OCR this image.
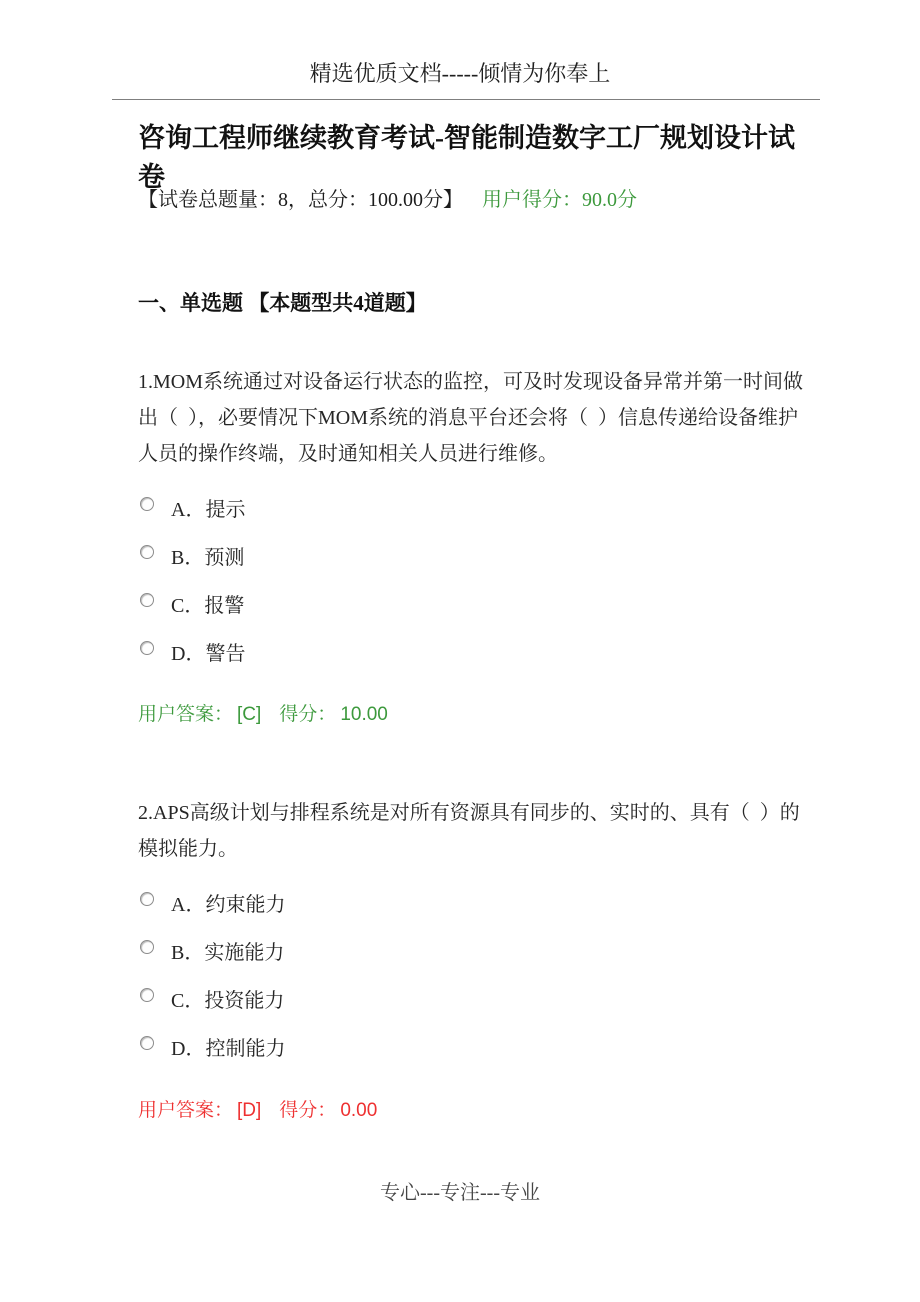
精选优质文档-----倾情为你奉上
咨询工程师继续教育考试-智能制造数字工厂规划设计试卷
【试卷总题量：8，总分：100.00分】 用户得分：90.0分
一、单选题 【本题型共4道题】
1.MOM系统通过对设备运行状态的监控，可及时发现设备异常并第一时间做出（  ），必要情况下MOM系统的消息平台还会将（  ）信息传递给设备维护人员的操作终端，及时通知相关人员进行维修。
A．提示
B．预测
C．报警
D．警告
用户答案： [C] 得分： 10.00
2.APS高级计划与排程系统是对所有资源具有同步的、实时的、具有（  ）的模拟能力。
A．约束能力
B．实施能力
C．投资能力
D．控制能力
用户答案： [D] 得分： 0.00
专心---专注---专业
